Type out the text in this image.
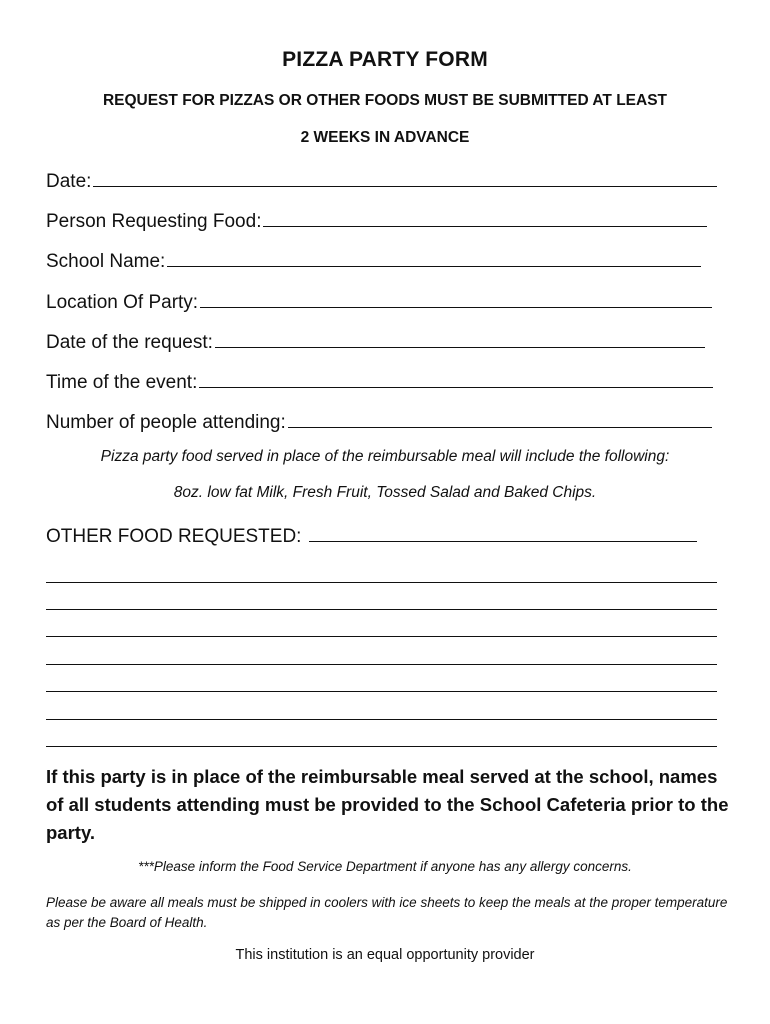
PIZZA PARTY FORM
REQUEST FOR PIZZAS OR OTHER FOODS MUST BE SUBMITTED AT LEAST
2 WEEKS IN ADVANCE
Date:
Person Requesting Food:
School Name:
Location Of Party:
Date of the request:
Time of the event:
Number of people attending:
Pizza party food served in place of the reimbursable meal will include the following:
8oz. low fat Milk, Fresh Fruit, Tossed Salad and Baked Chips.
OTHER FOOD REQUESTED:
If this party is in place of the reimbursable meal served at the school, names of all students attending must be provided to the School Cafeteria prior to the party.
***Please inform the Food Service Department if anyone has any allergy concerns.
Please be aware all meals must be shipped in coolers with ice sheets to keep the meals at the proper temperature as per the Board of Health.
This institution is an equal opportunity provider
